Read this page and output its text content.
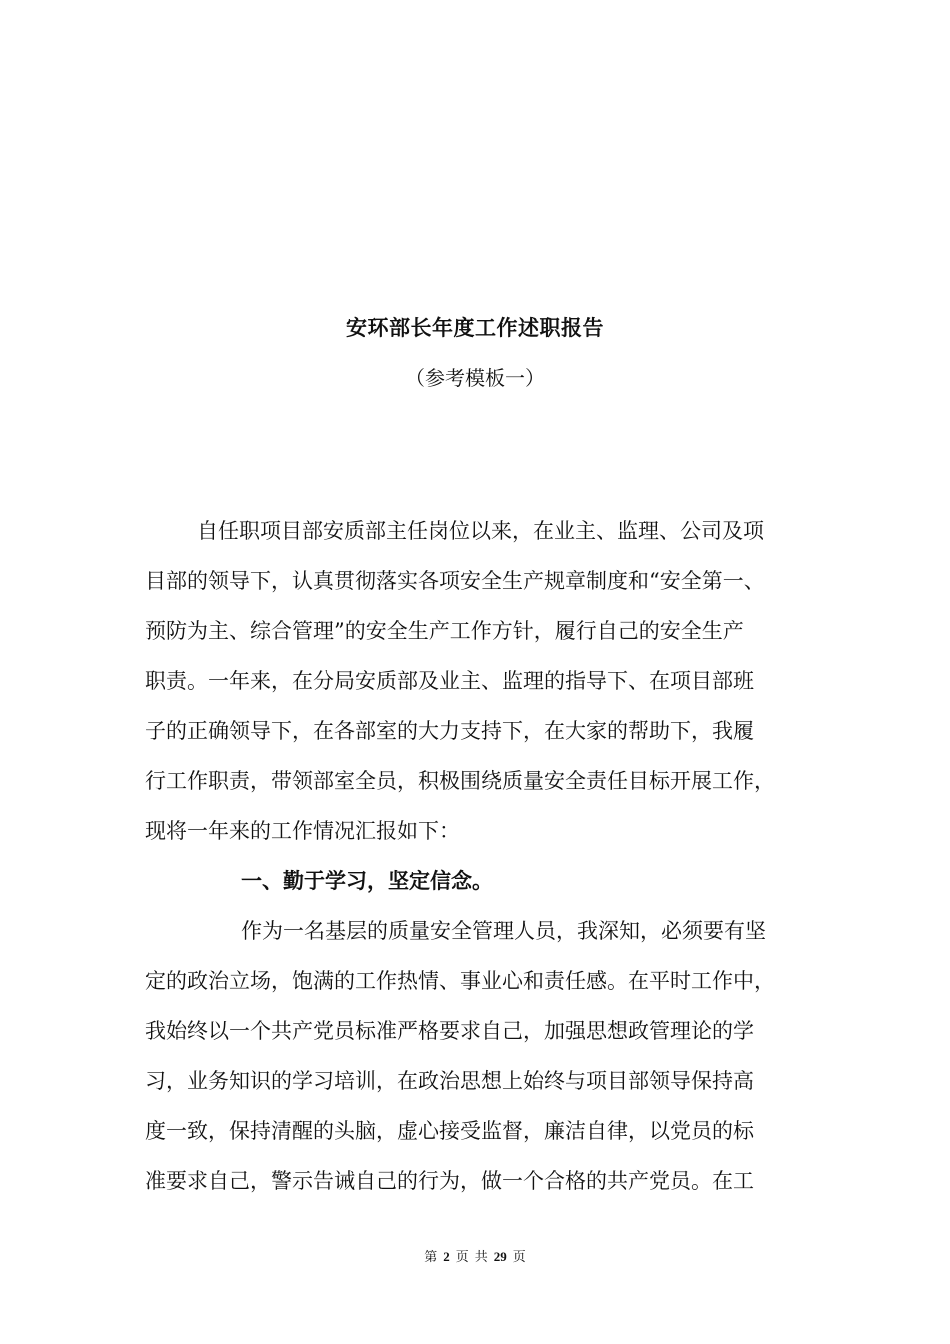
安环部长年度工作述职报告
（参考模板一）
自任职项目部安质部主任岗位以来，在业主、监理、公司及项
目部的领导下，认真贯彻落实各项安全生产规章制度和“安全第一、
预防为主、综合管理”的安全生产工作方针，履行自己的安全生产
职责。一年来，在分局安质部及业主、监理的指导下、在项目部班
子的正确领导下，在各部室的大力支持下，在大家的帮助下，我履
行工作职责，带领部室全员，积极围绕质量安全责任目标开展工作，
现将一年来的工作情况汇报如下：
一、勤于学习，坚定信念。
作为一名基层的质量安全管理人员，我深知，必须要有坚
定的政治立场，饱满的工作热情、事业心和责任感。在平时工作中，
我始终以一个共产党员标准严格要求自己，加强思想政管理论的学
习，业务知识的学习培训，在政治思想上始终与项目部领导保持高
度一致，保持清醒的头脑，虚心接受监督，廉洁自律，以党员的标
准要求自己，警示告诫自己的行为，做一个合格的共产党员。在工
第 2 页 共 29 页
